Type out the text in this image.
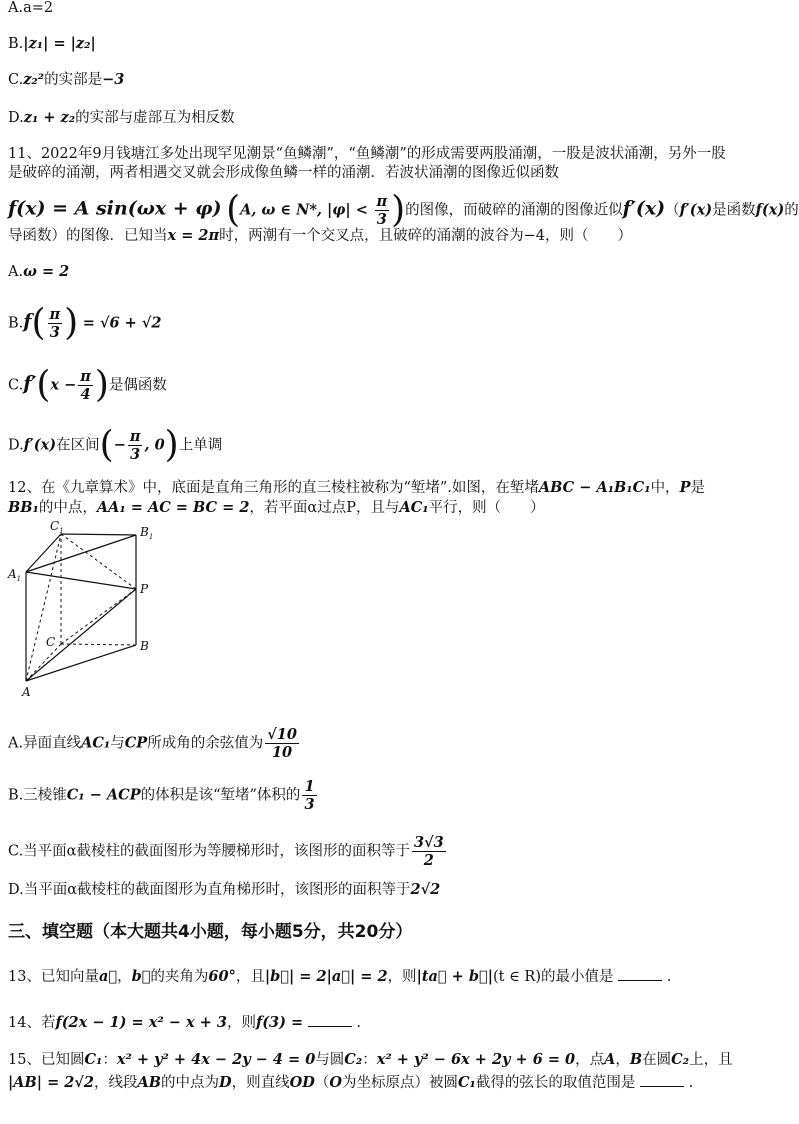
A.a=2
B.|z₁| = |z₂|
C.z₂²的实部是−3
D.z₁ + z₂的实部与虚部互为相反数
11、2022年9月钱塘江多处出现罕见潮景“鱼鳞潮”，“鱼鳞潮”的形成需要两股涌潮，一股是波状涌潮，另外一股
是破碎的涌潮，两者相遇交叉就会形成像鱼鳞一样的涌潮．若波状涌潮的图像近似函数
f(x) = A sin(ωx + φ) (A, ω ∈ N*, $|\varphi| < \frac{\pi}{3}$ )的图像，而破碎的涌潮的图像近似f′(x)（f′(x)是函数f(x)的
导函数）的图像．已知当x = 2π时，两潮有一个交叉点，且破碎的涌潮的波谷为−4，则（　　）
A.ω = 2
$B.f( \frac{\pi}{3}$ ) = √6 + √2
$C.f'(x - \frac{\pi}{4}$ )是偶函数
D.f′(x)在区间(− $\frac{\pi}{3}$ , 0)上单调
12、在《九章算术》中，底面是直角三角形的直三棱柱被称为“堑堵”.如图，在堑堵ABC − A₁B₁C₁中，P是
BB₁的中点，AA₁ = AC = BC = 2，若平面α过点P，且与AC₁平行，则（　　）
$C_1$	$B_1$
$A_1$
P
C	B
A
A.异面直线AC₁与CP所成角的余弦值为 $\frac{√10}{10}$
B.三棱锥C₁ − ACP的体积是该“堑堵”体积的 $\frac{1}{3}$
C.当平面α截棱柱的截面图形为等腰梯形时，该图形的面积等于 $\frac{3√3}{2}$
D.当平面α截棱柱的截面图形为直角梯形时，该图形的面积等于2√2
三、填空题（本大题共4小题，每小题5分，共20分）
13、已知向量a⃗，b⃗的夹角为60°，且|b⃗| = 2|a⃗| = 2，则|ta⃗ + b⃗|(t ∈ R)的最小值是	.
14、若f(2x − 1) = x² − x + 3，则f(3) =	.
15、已知圆C₁：x² + y² + 4x − 2y − 4 = 0与圆C₂：x² + y² − 6x + 2y + 6 = 0，点A，B在圆C₂上，且
|AB| = 2√2，线段AB的中点为D，则直线OD（O为坐标原点）被圆C₁截得的弦长的取值范围是	.
